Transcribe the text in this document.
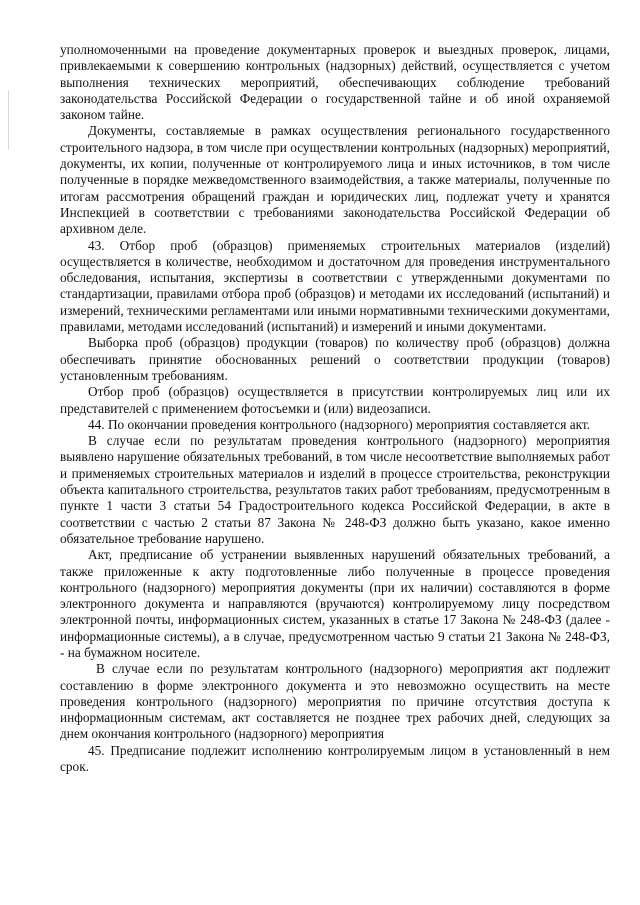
уполномоченными на проведение документарных проверок и выездных проверок, лицами, привлекаемыми к совершению контрольных (надзорных) действий, осуществляется с учетом выполнения технических мероприятий, обеспечивающих соблюдение требований законодательства Российской Федерации о государственной тайне и об иной охраняемой законом тайне.

Документы, составляемые в рамках осуществления регионального государственного строительного надзора, в том числе при осуществлении контрольных (надзорных) мероприятий, документы, их копии, полученные от контролируемого лица и иных источников, в том числе полученные в порядке межведомственного взаимодействия, а также материалы, полученные по итогам рассмотрения обращений граждан и юридических лиц, подлежат учету и хранятся Инспекцией в соответствии с требованиями законодательства Российской Федерации об архивном деле.

43. Отбор проб (образцов) применяемых строительных материалов (изделий) осуществляется в количестве, необходимом и достаточном для проведения инструментального обследования, испытания, экспертизы в соответствии с утвержденными документами по стандартизации, правилами отбора проб (образцов) и методами их исследований (испытаний) и измерений, техническими регламентами или иными нормативными техническими документами, правилами, методами исследований (испытаний) и измерений и иными документами.

Выборка проб (образцов) продукции (товаров) по количеству проб (образцов) должна обеспечивать принятие обоснованных решений о соответствии продукции (товаров) установленным требованиям.

Отбор проб (образцов) осуществляется в присутствии контролируемых лиц или их представителей с применением фотосъемки и (или) видеозаписи.

44. По окончании проведения контрольного (надзорного) мероприятия составляется акт.

В случае если по результатам проведения контрольного (надзорного) мероприятия выявлено нарушение обязательных требований, в том числе несоответствие выполняемых работ и применяемых строительных материалов и изделий в процессе строительства, реконструкции объекта капитального строительства, результатов таких работ требованиям, предусмотренным в пункте 1 части 3 статьи 54 Градостроительного кодекса Российской Федерации, в акте в соответствии с частью 2 статьи 87 Закона № 248-ФЗ должно быть указано, какое именно обязательное требование нарушено.

Акт, предписание об устранении выявленных нарушений обязательных требований, а также приложенные к акту подготовленные либо полученные в процессе проведения контрольного (надзорного) мероприятия документы (при их наличии) составляются в форме электронного документа и направляются (вручаются) контролируемому лицу посредством электронной почты, информационных систем, указанных в статье 17 Закона № 248-ФЗ (далее - информационные системы), а в случае, предусмотренном частью 9 статьи 21 Закона № 248-ФЗ, - на бумажном носителе.

В случае если по результатам контрольного (надзорного) мероприятия акт подлежит составлению в форме электронного документа и это невозможно осуществить на месте проведения контрольного (надзорного) мероприятия по причине отсутствия доступа к информационным системам, акт составляется не позднее трех рабочих дней, следующих за днем окончания контрольного (надзорного) мероприятия

45. Предписание подлежит исполнению контролируемым лицом в установленный в нем срок.
